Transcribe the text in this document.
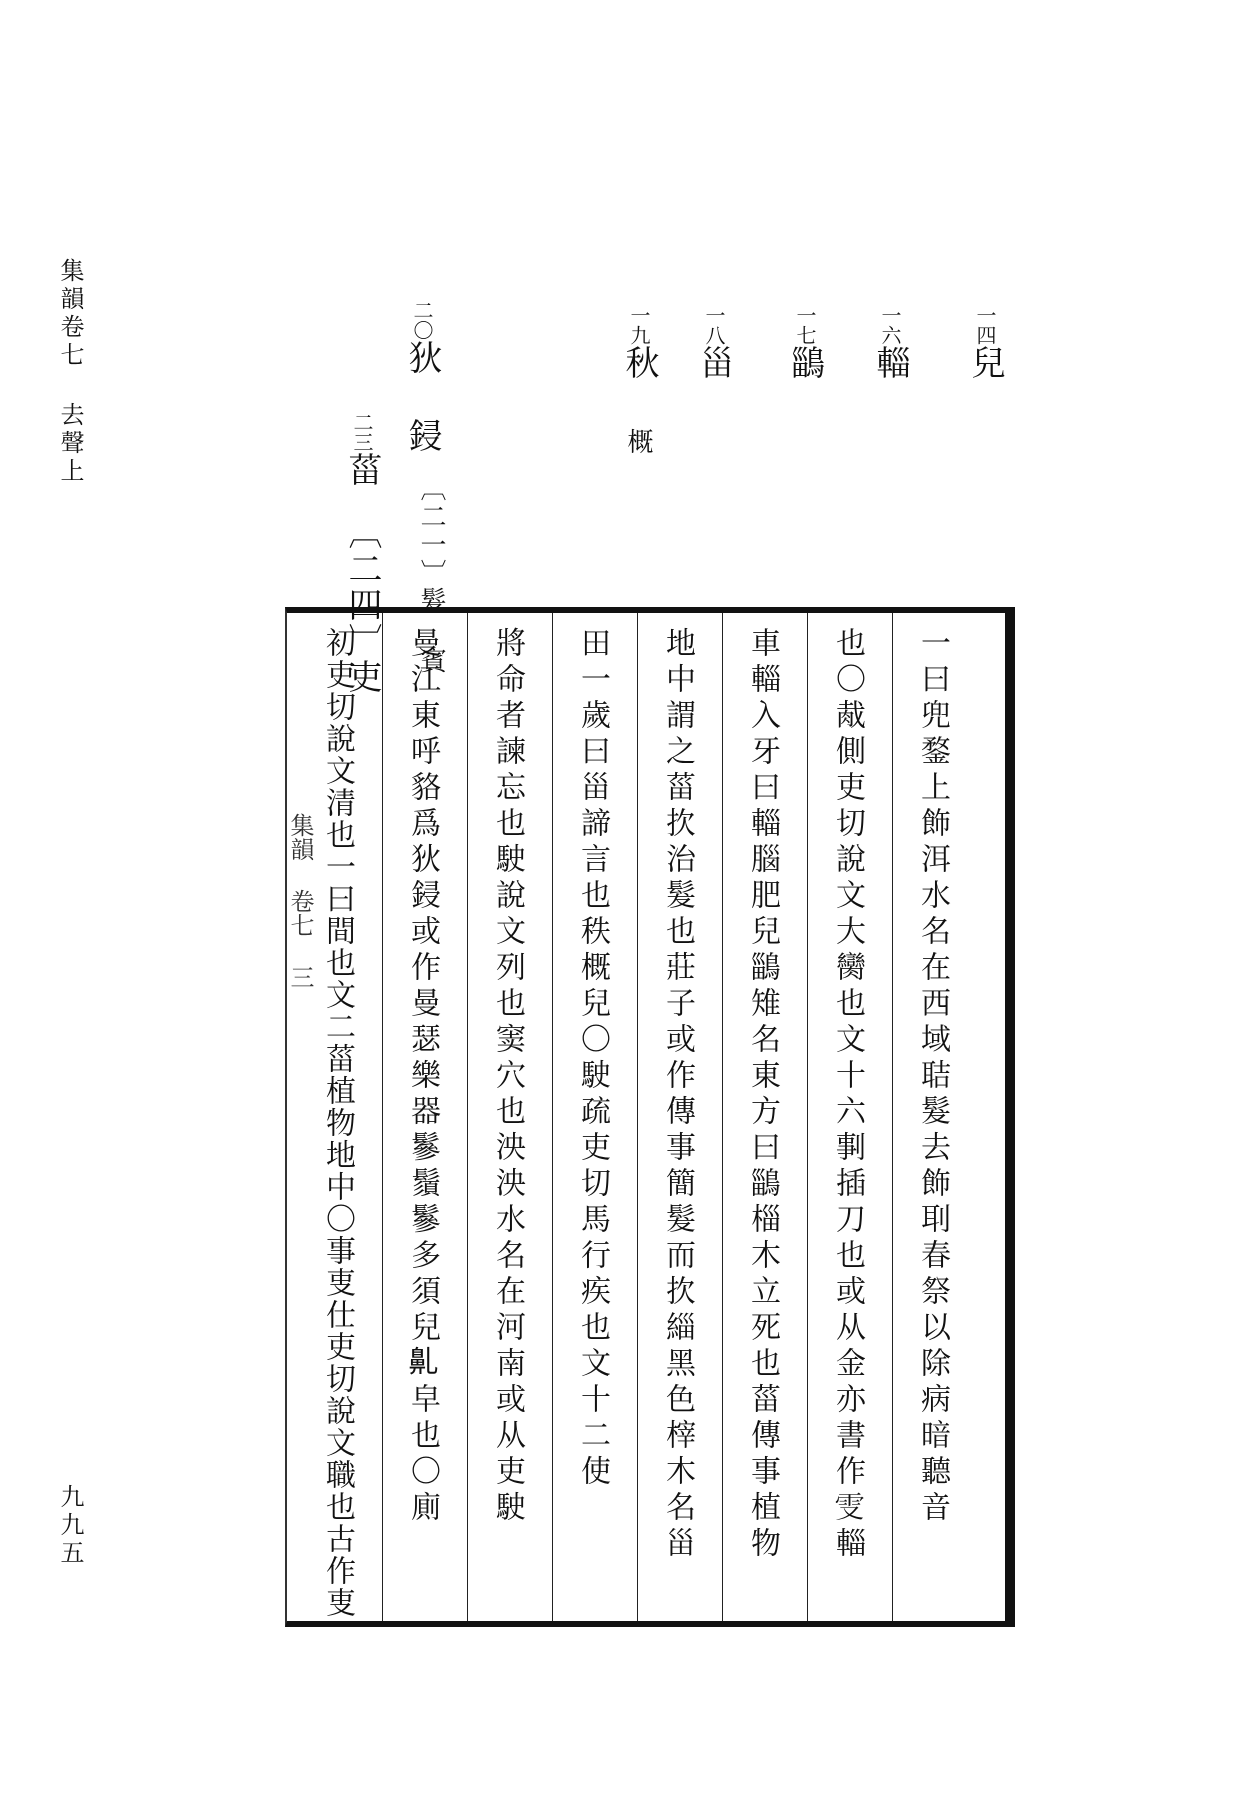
集韻卷七 去聲上
九九五
一四兒
一六輜
一七鶅
一八甾
一九秋
概
二〇狄 鋟
〔二一〕髮 賓
二三菑
〔二四〕吏
集韻 卷七 三	一曰兜鍪上飾洱水名在西域聐髮去飾刵春祭以除病暗聽音
也〇胾側吏切說文大臠也文十六剚插刀也或从金亦書作𠭍輜
車輜入牙曰輜腦肥兒鶅雉名東方曰鶅椔木立死也菑傳事植物
地中謂之菑扻治髮也莊子或作傳事簡髮而扻緇黑色榟木名甾
田一歲曰甾諦言也秩概兒〇駛疏吏切馬行疾也文十二使
將命者諫忘也駛說文列也窦穴也泱泱水名在河南或从吏駛
曼江東呼貉爲狄鋟或作曼瑟樂器鬖鬚鬖多須兒𪖐皁也〇廁
初吏切說文清也一曰間也文二菑植物地中〇事叓仕吏切說文職也古作叓
